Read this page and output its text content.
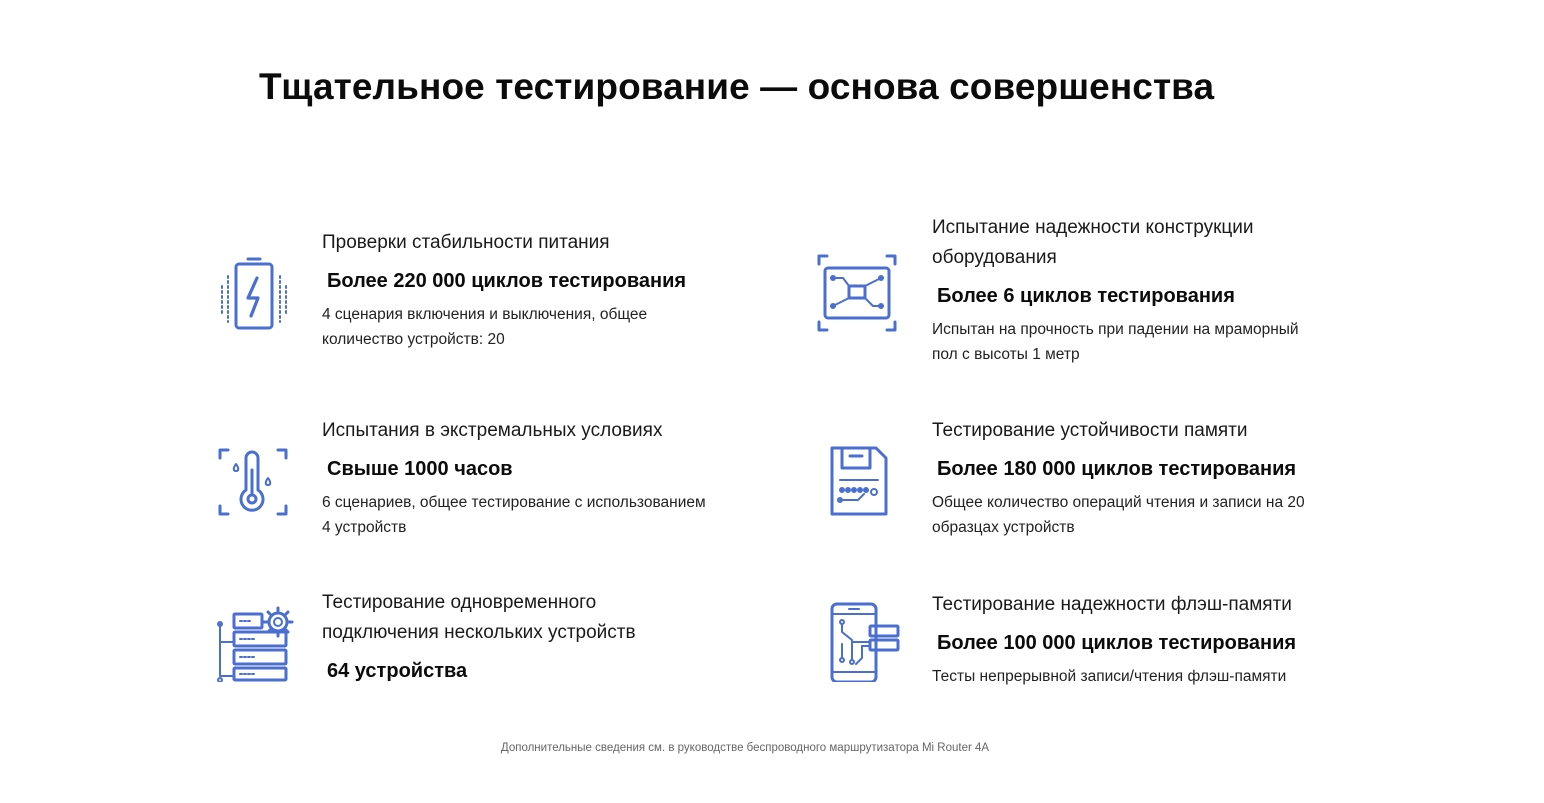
Тщательное тестирование — основа совершенства
Проверки стабильности питания
Более 220 000 циклов тестирования
4 сценария включения и выключения, общее
количество устройств: 20
Испытание надежности конструкции
оборудования
Более 6 циклов тестирования
Испытан на прочность при падении на мраморный
пол с высоты 1 метр
Испытания в экстремальных условиях
Свыше 1000 часов
6 сценариев, общее тестирование с использованием
4 устройств
Тестирование устойчивости памяти
Более 180 000 циклов тестирования
Общее количество операций чтения и записи на 20
образцах устройств
Тестирование одновременного
подключения нескольких устройств
64 устройства
Тестирование надежности флэш-памяти
Более 100 000 циклов тестирования
Тесты непрерывной записи/чтения флэш-памяти
Дополнительные сведения см. в руководстве беспроводного маршрутизатора Mi Router 4A
